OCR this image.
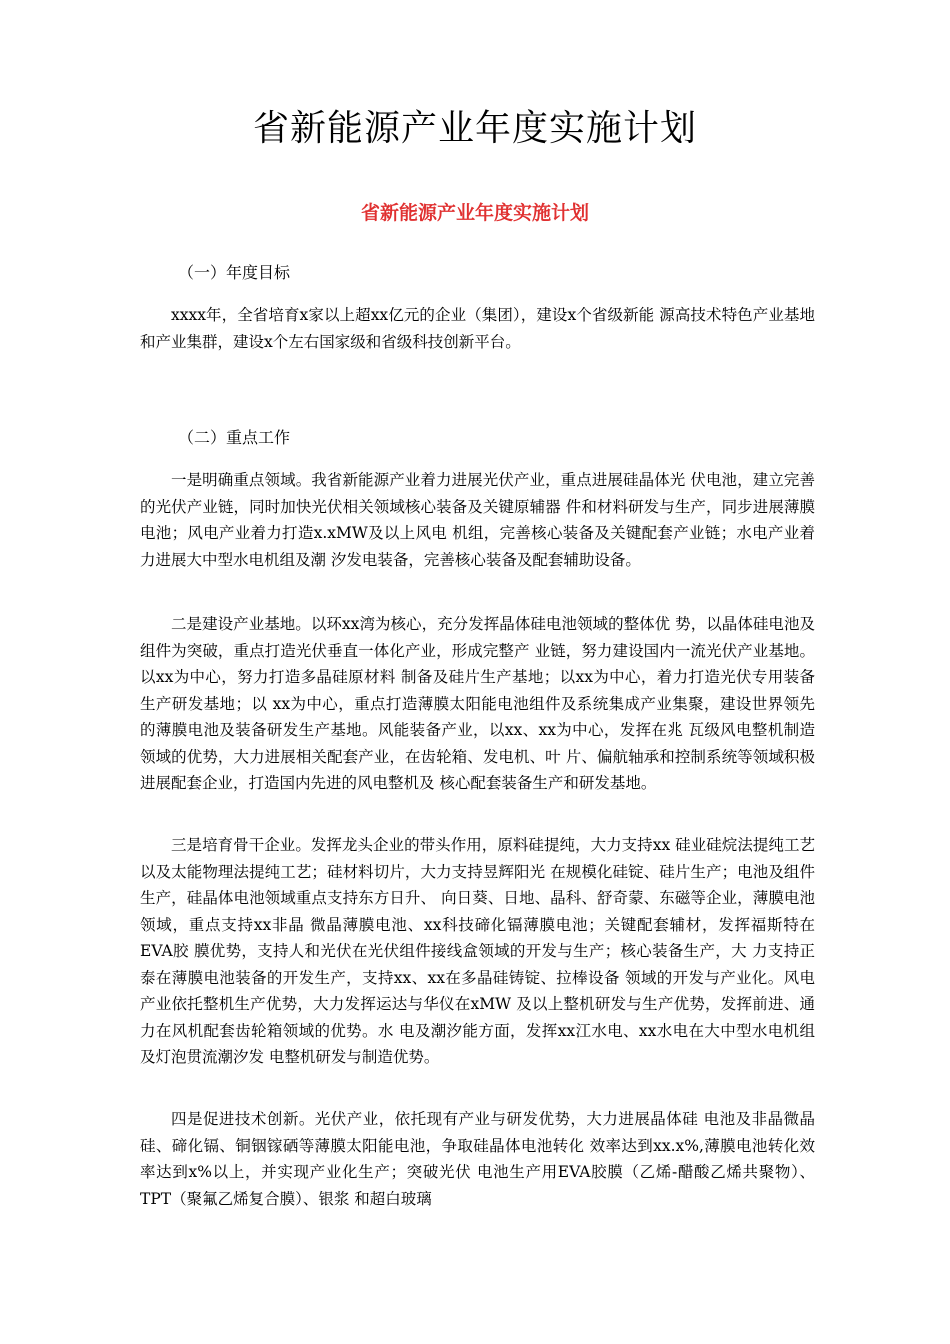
省新能源产业年度实施计划
省新能源产业年度实施计划

（一）年度目标

xxxx年，全省培育x家以上超xx亿元的企业（集团），建设x个省级新能 源高技术特色产业基地和产业集群，建设x个左右国家级和省级科技创新平台。

（二）重点工作

一是明确重点领域。我省新能源产业着力进展光伏产业，重点进展硅晶体光 伏电池，建立完善的光伏产业链，同时加快光伏相关领域核心装备及关键原辅器 件和材料研发与生产，同步进展薄膜电池；风电产业着力打造x.xMW及以上风电 机组，完善核心装备及关键配套产业链；水电产业着力进展大中型水电机组及潮 汐发电装备，完善核心装备及配套辅助设备。

二是建设产业基地。以环xx湾为核心，充分发挥晶体硅电池领域的整体优 势，以晶体硅电池及组件为突破，重点打造光伏垂直一体化产业，形成完整产 业链，努力建设国内一流光伏产业基地。以xx为中心，努力打造多晶硅原材料 制备及硅片生产基地；以xx为中心，着力打造光伏专用装备生产研发基地；以 xx为中心，重点打造薄膜太阳能电池组件及系统集成产业集聚，建设世界领先 的薄膜电池及装备研发生产基地。风能装备产业，以xx、xx为中心，发挥在兆 瓦级风电整机制造领域的优势，大力进展相关配套产业，在齿轮箱、发电机、叶 片、偏航轴承和控制系统等领域积极进展配套企业，打造国内先进的风电整机及 核心配套装备生产和研发基地。

三是培育骨干企业。发挥龙头企业的带头作用，原料硅提纯，大力支持xx 硅业硅烷法提纯工艺以及太能物理法提纯工艺；硅材料切片，大力支持昱辉阳光 在规模化硅锭、硅片生产；电池及组件生产，硅晶体电池领域重点支持东方日升、 向日葵、日地、晶科、舒奇蒙、东磁等企业，薄膜电池领域，重点支持xx非晶 微晶薄膜电池、xx科技碲化镉薄膜电池；关键配套辅材，发挥福斯特在EVA胶 膜优势，支持人和光伏在光伏组件接线盒领域的开发与生产；核心装备生产，大 力支持正泰在薄膜电池装备的开发生产，支持xx、xx在多晶硅铸锭、拉棒设备 领域的开发与产业化。风电产业依托整机生产优势，大力发挥运达与华仪在xMW 及以上整机研发与生产优势，发挥前进、通力在风机配套齿轮箱领域的优势。水 电及潮汐能方面，发挥xx江水电、xx水电在大中型水电机组及灯泡贯流潮汐发 电整机研发与制造优势。

四是促进技术创新。光伏产业，依托现有产业与研发优势，大力进展晶体硅 电池及非晶微晶硅、碲化镉、铜铟镓硒等薄膜太阳能电池，争取硅晶体电池转化 效率达到xx.x%,薄膜电池转化效率达到x%以上，并实现产业化生产；突破光伏 电池生产用EVA胶膜（乙烯-醋酸乙烯共聚物）、TPT（聚氟乙烯复合膜）、银浆 和超白玻璃
